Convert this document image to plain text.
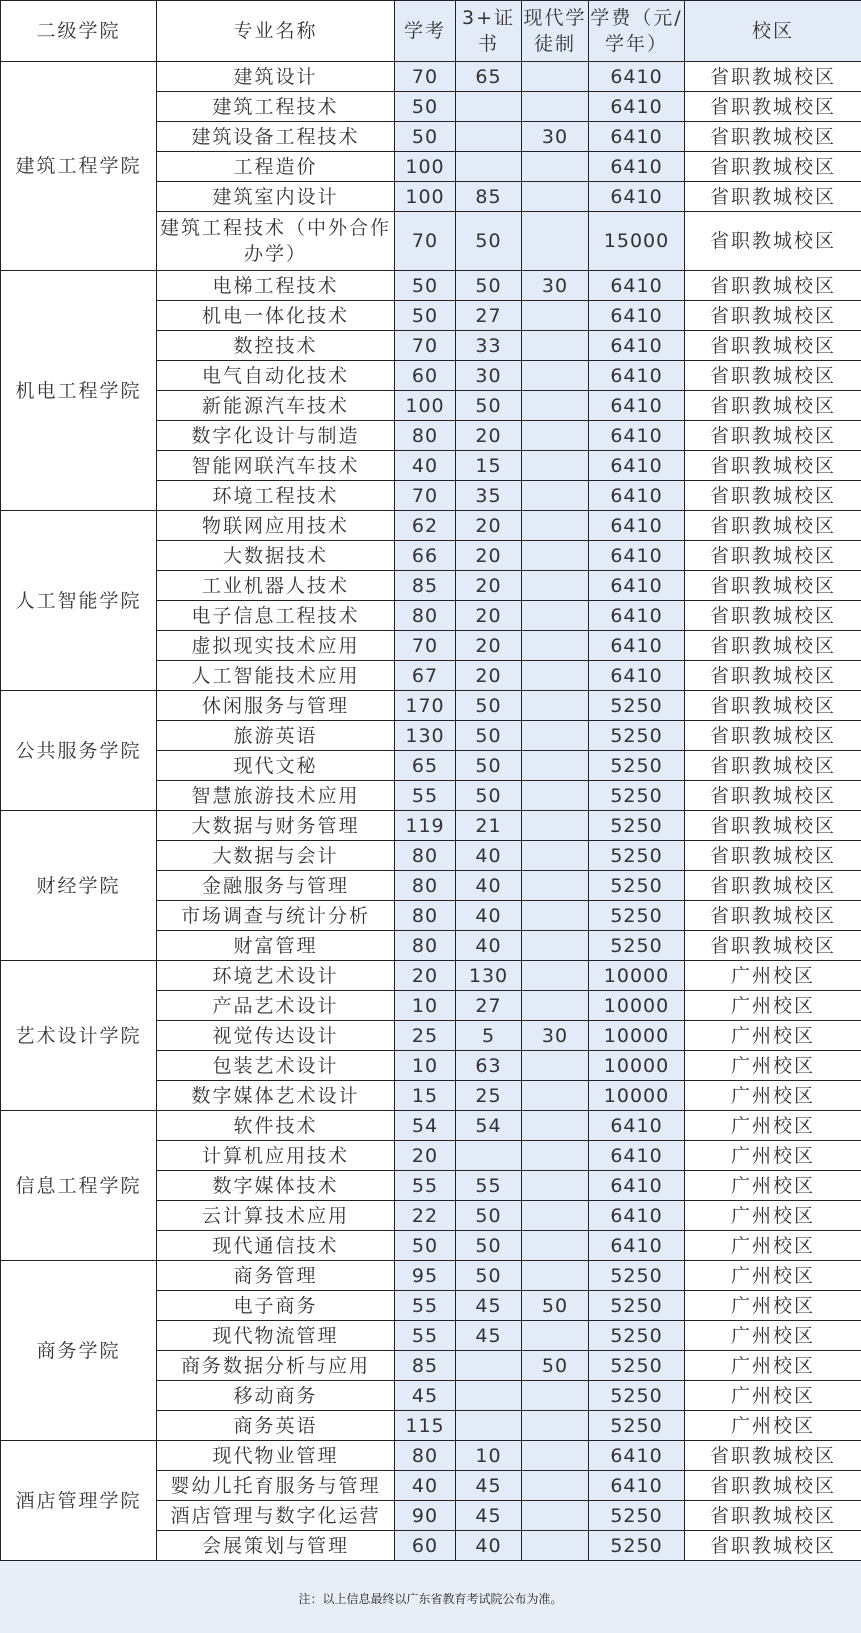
二级学院	专业名称	学考	3+证书	现代学徒制	学费（元/学年）	校区
建筑工程学院	建筑设计	70	65		6410	省职教城校区
	建筑工程技术	50			6410	省职教城校区
	建筑设备工程技术	50		30	6410	省职教城校区
	工程造价	100			6410	省职教城校区
	建筑室内设计	100	85		6410	省职教城校区
	建筑工程技术（中外合作办学）	70	50		15000	省职教城校区
机电工程学院	电梯工程技术	50	50	30	6410	省职教城校区
	机电一体化技术	50	27		6410	省职教城校区
	数控技术	70	33		6410	省职教城校区
	电气自动化技术	60	30		6410	省职教城校区
	新能源汽车技术	100	50		6410	省职教城校区
	数字化设计与制造	80	20		6410	省职教城校区
	智能网联汽车技术	40	15		6410	省职教城校区
	环境工程技术	70	35		6410	省职教城校区
人工智能学院	物联网应用技术	62	20		6410	省职教城校区
	大数据技术	66	20		6410	省职教城校区
	工业机器人技术	85	20		6410	省职教城校区
	电子信息工程技术	80	20		6410	省职教城校区
	虚拟现实技术应用	70	20		6410	省职教城校区
	人工智能技术应用	67	20		6410	省职教城校区
公共服务学院	休闲服务与管理	170	50		5250	省职教城校区
	旅游英语	130	50		5250	省职教城校区
	现代文秘	65	50		5250	省职教城校区
	智慧旅游技术应用	55	50		5250	省职教城校区
财经学院	大数据与财务管理	119	21		5250	省职教城校区
	大数据与会计	80	40		5250	省职教城校区
	金融服务与管理	80	40		5250	省职教城校区
	市场调查与统计分析	80	40		5250	省职教城校区
	财富管理	80	40		5250	省职教城校区
艺术设计学院	环境艺术设计	20	130		10000	广州校区
	产品艺术设计	10	27		10000	广州校区
	视觉传达设计	25	5	30	10000	广州校区
	包装艺术设计	10	63		10000	广州校区
	数字媒体艺术设计	15	25		10000	广州校区
信息工程学院	软件技术	54	54		6410	广州校区
	计算机应用技术	20			6410	广州校区
	数字媒体技术	55	55		6410	广州校区
	云计算技术应用	22	50		6410	广州校区
	现代通信技术	50	50		6410	广州校区
商务学院	商务管理	95	50		5250	广州校区
	电子商务	55	45	50	5250	广州校区
	现代物流管理	55	45		5250	广州校区
	商务数据分析与应用	85		50	5250	广州校区
	移动商务	45			5250	广州校区
	商务英语	115			5250	广州校区
酒店管理学院	现代物业管理	80	10		6410	省职教城校区
	婴幼儿托育服务与管理	40	45		6410	省职教城校区
	酒店管理与数字化运营	90	45		5250	省职教城校区
	会展策划与管理	60	40		5250	省职教城校区
注：以上信息最终以广东省教育考试院公布为准。
